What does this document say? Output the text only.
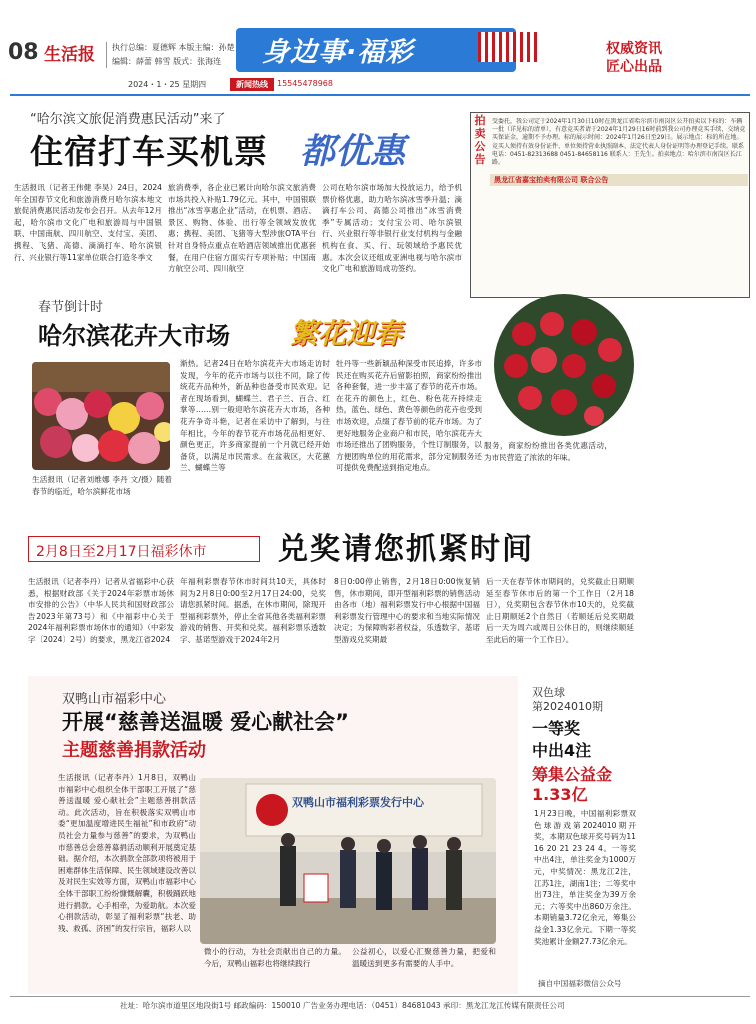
08 生活报 执行总编：夏德辉 本版主编：孙楚
编辑：薛蕾 韩雪 版式：张海连 身边事·福彩	权威资讯
匠心出品
2024・1・25 星期四	新闻热线	15545478968
“哈尔滨文旅促消费惠民活动”来了
住宿打车买机票 都优惠
生活报讯（记者王伟健 李昊）24日，2024年全国春节文化和旅游消费月哈尔滨本地文旅促消费惠民活动发布会召开。从去年12月起，哈尔滨市文化广电和旅游局与中国银联、中国南航、四川航空、支付宝、美团、携程、飞猪、高德、滴滴打车、哈尔滨银行、兴业银行等11家单位联合打造冬季文
旅消费季，各企业已累计向哈尔滨文旅消费市场共投入补贴1.79亿元。其中，中国银联推出“冰雪享惠企业”活动，在机票、酒店、景区、购物、体验、出行等全领域发放优惠；携程、美团、飞猪等大型涉旅OTA平台针对自身特点重点在哈酒店领域推出优惠套餐，在用户住宿方面实行专项补贴；中国南方航空公司、四川航空
公司在哈尔滨市场加大投放运力，给予机票价格优惠，助力哈尔滨冰雪季升温；滴滴打车公司、高德公司推出“冰雪消费季”专属活动；支付宝公司、哈尔滨银行、兴业银行等非银行业支付机构与金融机构在食、买、行、玩领域给予惠民优惠。本次会议还组成亚洲电视与哈尔滨市文化广电和旅游局成功签约。
拍卖公告
受委托，我公司定于2024年1月30日10时在黑龙江省哈尔滨市南岗区公开拍卖以下标的：车辆一批（详见标的清单），有意竞买者请于2024年1月29日16时前到我公司办理竞买手续，交纳竞买保证金，逾期不予办理。标的展示时间：2024年1月26日至29日。展示地点：标的所在地。竞买人须持有效身份证件、单位须持营业执照副本、法定代表人身份证明等办理登记手续。联系电话：0451-82313688 0451-84658116 联系人：王先生。拍卖地点：哈尔滨市南岗区长江路。
黑龙江省嘉宝拍卖有限公司 联合公告
春节倒计时
哈尔滨花卉大市场 繁花迎春
生活报讯（记者刘维娜 李丹 文/摄）随着春节的临近，哈尔滨鲜花市场
渐热。记者24日在哈尔滨花卉大市场走访时发现，今年的花卉市场与以往不同，除了传统花卉品种外，新品种也备受市民欢迎。记者在现场看到，蝴蝶兰、君子兰、百合、红掌等……别一般迎哈尔滨花卉大市场，各种花卉争奇斗艳，记者在采访中了解到，与往年相比，今年的春节花卉市场花品相更好、颜色更正，许多商家提前一个月就已经开始备货，以满足市民需求。在盆栽区，大花蕙兰、蝴蝶兰等
牡丹等一些新颖品种深受市民追捧，许多市民还在购买花卉后留影拍照，商家纷纷推出各种套餐，进一步丰富了春节的花卉市场。在花卉的颜色上，红色、粉色花卉持续走热，蓝色、绿色、黄色等颜色的花卉也受到市场欢迎，点缀了春节前的花卉市场。为了更好地服务企业商户和市民，哈尔滨花卉大市场还推出了团购服务，个性订制服务，以方便团购单位的用花需求，部分定制服务还可提供免费配送到指定地点。
服务，商家纷纷推出各类优惠活动，为市民营造了浓浓的年味。
2月8日至2月17日福彩休市 兑奖请您抓紧时间
生活报讯（记者李丹）记者从省福彩中心获悉，根据财政部《关于2024年彩票市场休市安排的公告》（中华人民共和国财政部公告2023年第73号）和《中福彩中心关于2024年福利彩票市场休市的通知》（中彩发字〔2024〕2号）的要求，黑龙江省2024
年福利彩票春节休市时间共10天，具体时间为2月8日0:00至2月17日24:00，兑奖请您抓紧时间。据悉，在休市期间，除现开型福利彩票外，停止全省其他各类福利彩票游戏的销售、开奖和兑奖。福利彩票乐透数字、基诺型游戏于2024年2月
8日0:00停止销售，2月18日0:00恢复销售，休市期间，即开型福利彩票的销售活动由各市（地）福利彩票发行中心根据中国福利彩票发行管理中心的要求和当地实际情况决定；为保障购彩者权益，乐透数字、基诺型游戏兑奖期最
后一天在春节休市期间的，兑奖截止日期顺延至春节休市后的第一个工作日（2月18日），兑奖期包含春节休市10天的，兑奖截止日期顺延2个自然日（若顺延后兑奖期最后一天为周六或周日公休日的，则继续顺延至此后的第一个工作日）。
双鸭山市福彩中心
开展“慈善送温暖 爱心献社会”
主题慈善捐款活动
生活报讯（记者李丹）1月8日，双鸭山市福彩中心组织全体干部职工开展了“慈善送温暖 爱心献社会”主题慈善捐款活动。此次活动，旨在积极落实双鸭山市委“更加温度增进民生福祉”和市政府“动员社会力量参与慈善”的要求，为双鸭山市慈善总会慈善募捐活动顺利开展奠定基础。据介绍，本次捐款全部款项将被用于困难群体生活保障、民生领域建设改善以及对民生实效等方面，双鸭山市福彩中心全体干部职工纷纷慷慨解囊，积极踊跃地进行捐款。心手相牵，为爱助航。本次爱心捐款活动，彰显了福利彩票“扶老、助残、救孤、济困”的发行宗旨，福彩人以
双鸭山市福利彩票发行中心
微小的行动，为社会贡献出自己的力量。今后，双鸭山福彩也将继续践行
公益初心，以爱心汇聚慈善力量，把爱和温暖送到更多有需要的人手中。
双色球
第2024010期
一等奖
中出4注
筹集公益金
1.33亿
1月23日晚，中国福利彩票双色球游戏第2024010期开奖，本期双色球开奖号码为11 16 20 21 23 24 4。一等奖中出4注，单注奖金为1000万元，中奖情况：黑龙江2注，江苏1注，湖南1注；二等奖中出73注，单注奖金为39万余元；六等奖中出860万余注。本期销量3.72亿余元，筹集公益金1.33亿余元。下期一等奖奖池累计金额27.73亿余元。
摘自中国福彩微信公众号
社址：哈尔滨市道里区地段街1号 邮政编码：150010 广告业务办理电话：（0451）84681043 承印：黑龙江龙江传媒有限责任公司
